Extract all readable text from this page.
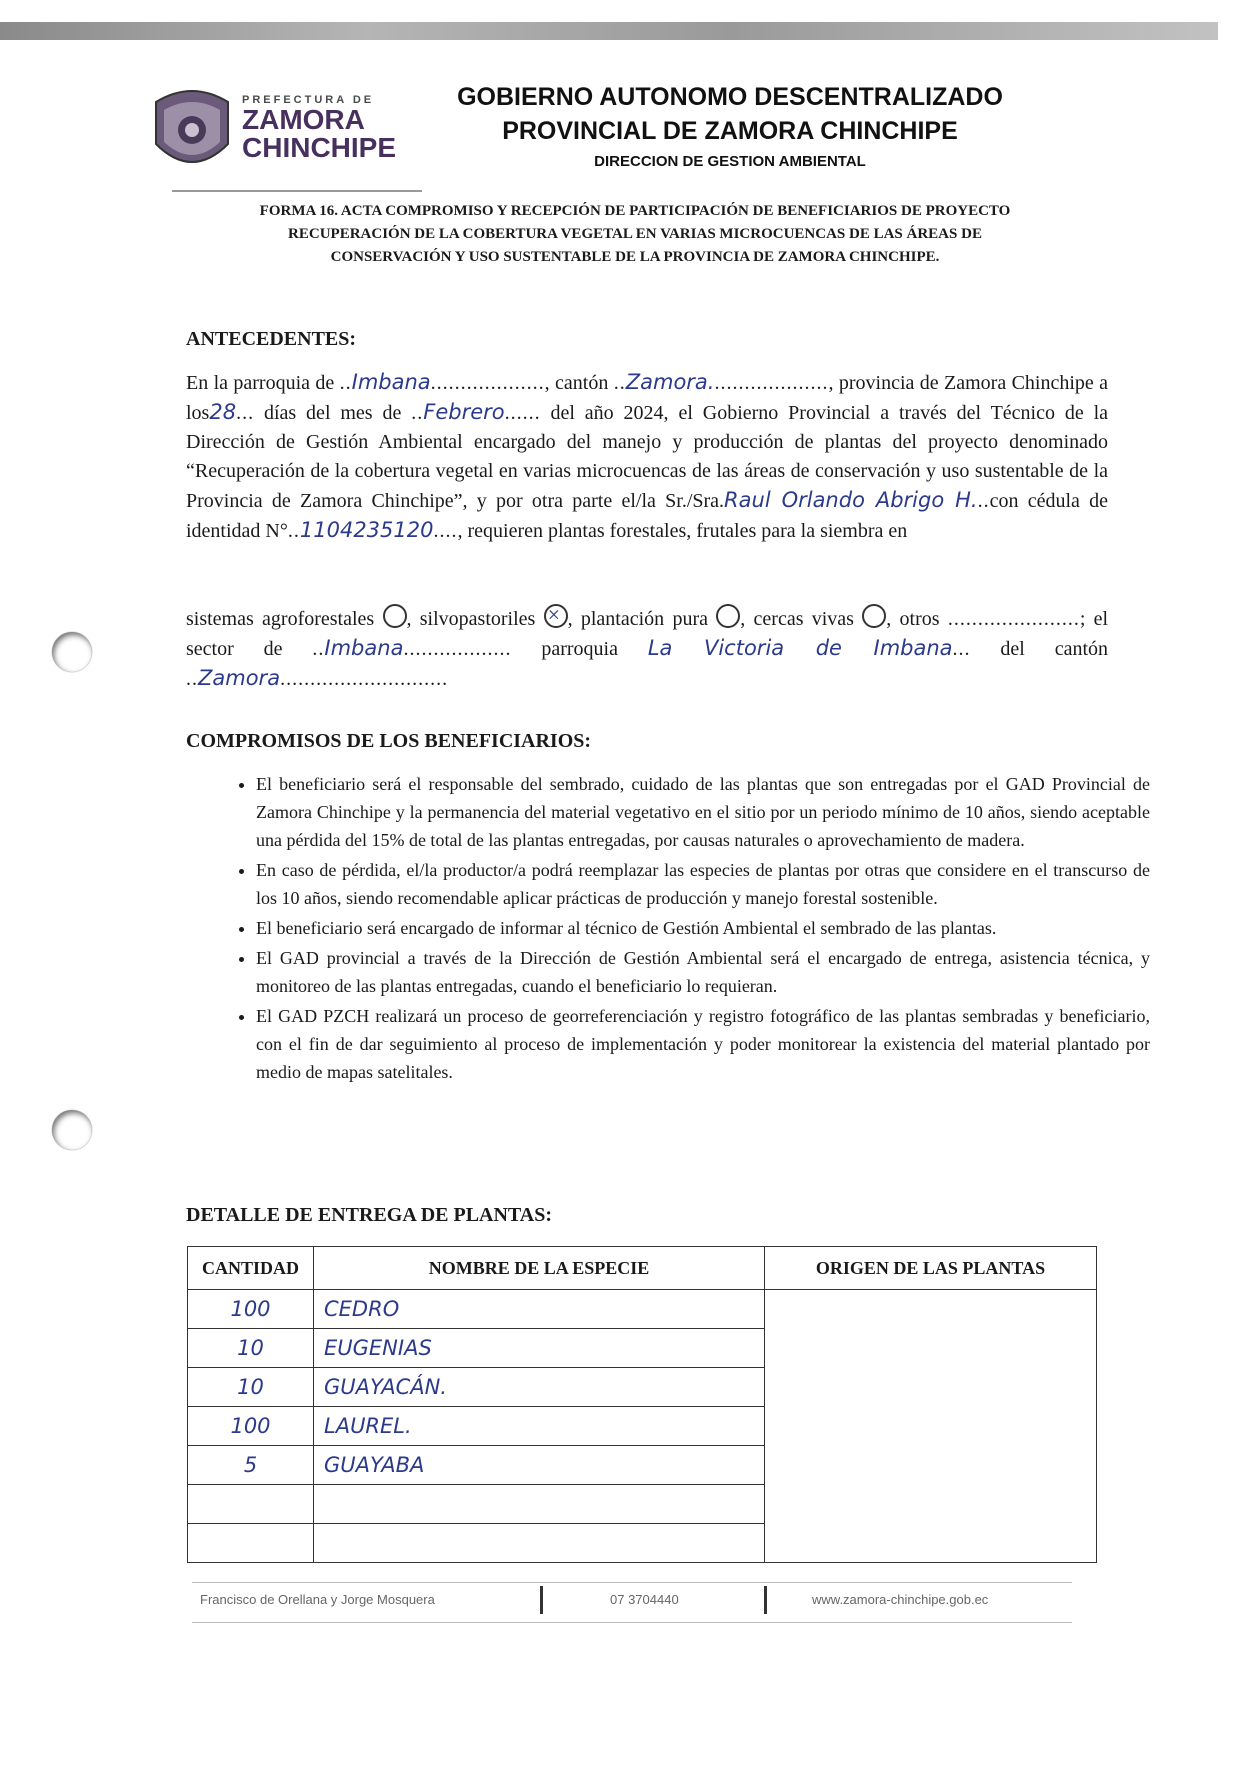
PREFECTURA DE
ZAMORA
CHINCHIPE
GOBIERNO AUTONOMO DESCENTRALIZADO
PROVINCIAL DE ZAMORA CHINCHIPE
DIRECCION DE GESTION AMBIENTAL
FORMA 16. ACTA COMPROMISO Y RECEPCIÓN DE PARTICIPACIÓN DE BENEFICIARIOS DE PROYECTO
RECUPERACIÓN DE LA COBERTURA VEGETAL EN VARIAS MICROCUENCAS DE LAS ÁREAS DE
CONSERVACIÓN Y USO SUSTENTABLE DE LA PROVINCIA DE ZAMORA CHINCHIPE.
ANTECEDENTES:
En la parroquia de ..Imbana..................., cantón ..Zamora...................., provincia de Zamora Chinchipe a los28... días del mes de ..Febrero...... del año 2024, el Gobierno Provincial a través del Técnico de la Dirección de Gestión Ambiental encargado del manejo y producción de plantas del proyecto denominado “Recuperación de la cobertura vegetal en varias microcuencas de las áreas de conservación y uso sustentable de la Provincia de Zamora Chinchipe”, y por otra parte el/la Sr./Sra.Raul Orlando Abrigo H...con cédula de identidad N°..1104235120...., requieren plantas forestales, frutales para la siembra en
sistemas agroforestales , silvopastoriles × , plantación pura , cercas vivas , otros ......................; el sector de ..Imbana.................. parroquia La Victoria de Imbana... del cantón ..Zamora............................
COMPROMISOS DE LOS BENEFICIARIOS:
• El beneficiario será el responsable del sembrado, cuidado de las plantas que son entregadas por el GAD Provincial de Zamora Chinchipe y la permanencia del material vegetativo en el sitio por un periodo mínimo de 10 años, siendo aceptable una pérdida del 15% de total de las plantas entregadas, por causas naturales o aprovechamiento de madera.
• En caso de pérdida, el/la productor/a podrá reemplazar las especies de plantas por otras que considere en el transcurso de los 10 años, siendo recomendable aplicar prácticas de producción y manejo forestal sostenible.
• El beneficiario será encargado de informar al técnico de Gestión Ambiental el sembrado de las plantas.
• El GAD provincial a través de la Dirección de Gestión Ambiental será el encargado de entrega, asistencia técnica, y monitoreo de las plantas entregadas, cuando el beneficiario lo requieran.
• El GAD PZCH realizará un proceso de georreferenciación y registro fotográfico de las plantas sembradas y beneficiario, con el fin de dar seguimiento al proceso de implementación y poder monitorear la existencia del material plantado por medio de mapas satelitales.
DETALLE DE ENTREGA DE PLANTAS:
CANTIDAD	NOMBRE DE LA ESPECIE	ORIGEN DE LAS PLANTAS
100	CEDRO	
10	EUGENIAS	
10	GUAYACÁN.	
100	LAUREL.	
5	GUAYABA	

Francisco de Orellana y Jorge Mosquera	07 3704440	www.zamora-chinchipe.gob.ec
